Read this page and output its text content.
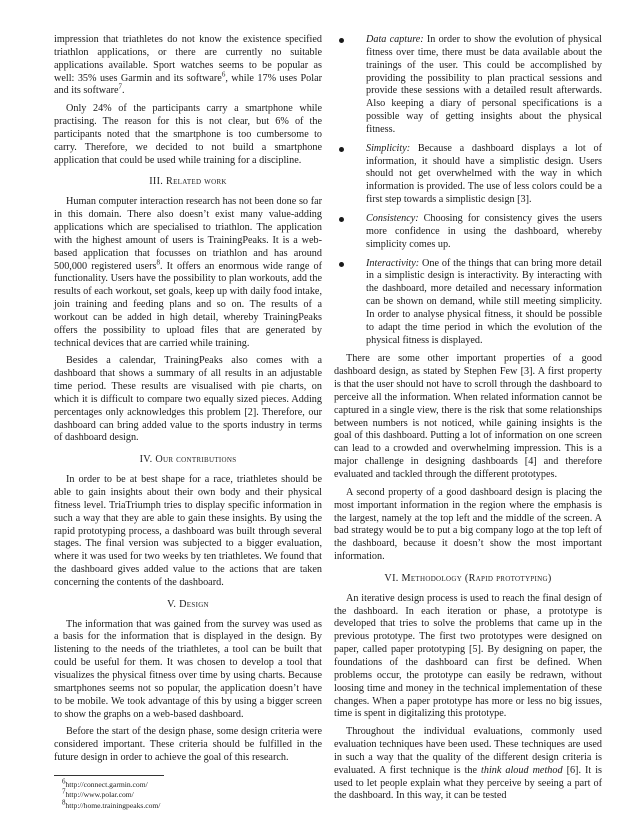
impression that triathletes do not know the existence specified triathlon applications, or there are currently no suitable applications available. Sport watches seems to be popular as well: 35% uses Garmin and its software$^6$, while 17% uses Polar and its software$^7$.

Only 24% of the participants carry a smartphone while practising. The reason for this is not clear, but 6% of the participants noted that the smartphone is too cumbersome to carry. Therefore, we decided to not build a smartphone application that could be used while training for a discipline.

III. Related work

Human computer interaction research has not been done so far in this domain. There also doesn’t exist many value-adding applications which are specialised to triathlon. The application with the highest amount of users is TrainingPeaks. It is a web-based application that focusses on triathlon and has around 500,000 registered users$^8$. It offers an enormous wide range of functionality. Users have the possibility to plan workouts, add the results of each workout, set goals, keep up with daily food intake, join training and feeding plans and so on. The results of a workout can be added in high detail, whereby TrainingPeaks offers the possibility to upload files that are generated by technical devices that are carried while training.

Besides a calendar, TrainingPeaks also comes with a dashboard that shows a summary of all results in an adjustable time period. These results are visualised with pie charts, on which it is difficult to compare two equally sized pieces. Adding percentages only acknowledges this problem [2]. Therefore, our dashboard can bring added value to the sports industry in terms of dashboard design.

IV. Our contributions

In order to be at best shape for a race, triathletes should be able to gain insights about their own body and their physical fitness level. TriaTriumph tries to display specific information in such a way that they are able to gain these insights. By using the rapid prototyping process, a dashboard was built through several stages. The final version was subjected to a bigger evaluation, where it was used for two weeks by ten triathletes. We found that the dashboard gives added value to the actions that are taken concerning the contents of the dashboard.

V. Design

The information that was gained from the survey was used as a basis for the information that is displayed in the design. By listening to the needs of the triathletes, a tool can be built that could be useful for them. It was chosen to develop a tool that visualizes the physical fitness over time by using charts. Because smartphones seems not so popular, the application doesn’t have to be mobile. We took advantage of this by using a bigger screen to show the graphs on a web-based dashboard.

Before the start of the design phase, some design criteria were considered important. These criteria should be fulfilled in the future design in order to achieve the goal of this research.

$^6$http://connect.garmin.com/
$^7$http://www.polar.com/
$^8$http://home.trainingpeaks.com/
Data capture: In order to show the evolution of physical fitness over time, there must be data available about the trainings of the user. This could be accomplished by providing the possibility to plan practical sessions and provide these sessions with a detailed result afterwards. Also keeping a diary of personal specifications is a possible way of getting insights about the physical fitness.
Simplicity: Because a dashboard displays a lot of information, it should have a simplistic design. Users should not get overwhelmed with the way in which information is provided. The use of less colors could be a first step towards a simplistic design [3].
Consistency: Choosing for consistency gives the users more confidence in using the dashboard, whereby simplicity comes up.
Interactivity: One of the things that can bring more detail in a simplistic design is interactivity. By interacting with the dashboard, more detailed and necessary information can be shown on demand, while still meeting simplicity. In order to analyse physical fitness, it should be possible to adapt the time period in which the evolution of the physical fitness is displayed.

There are some other important properties of a good dashboard design, as stated by Stephen Few [3]. A first property is that the user should not have to scroll through the dashboard to perceive all the information. When related information cannot be captured in a single view, there is the risk that some relationships between numbers is not noticed, while gaining insights is the goal of this dashboard. Putting a lot of information on one screen can lead to a crowded and overwhelming impression. This is a major challenge in designing dashboards [4] and therefore evaluated and tackled through the different prototypes.

A second property of a good dashboard design is placing the most important information in the region where the emphasis is the largest, namely at the top left and the middle of the screen. A bad strategy would be to put a big company logo at the top left of the dashboard, because it doesn’t show the most important information.

VI. Methodology (Rapid prototyping)

An iterative design process is used to reach the final design of the dashboard. In each iteration or phase, a prototype is developed that tries to solve the problems that came up in the previous prototype. The first two prototypes were designed on paper, called paper prototyping [5]. By designing on paper, the foundations of the dashboard can first be defined. When problems occur, the prototype can easily be redrawn, without loosing time and money in the technical implementation of these changes. When a paper prototype has more or less no big issues, time is spent in digitalizing this prototype.

Throughout the individual evaluations, commonly used evaluation techniques have been used. These techniques are used in such a way that the quality of the different design criteria is evaluated. A first technique is the think aloud method [6]. It is used to let people explain what they perceive by seeing a part of the dashboard. In this way, it can be tested
